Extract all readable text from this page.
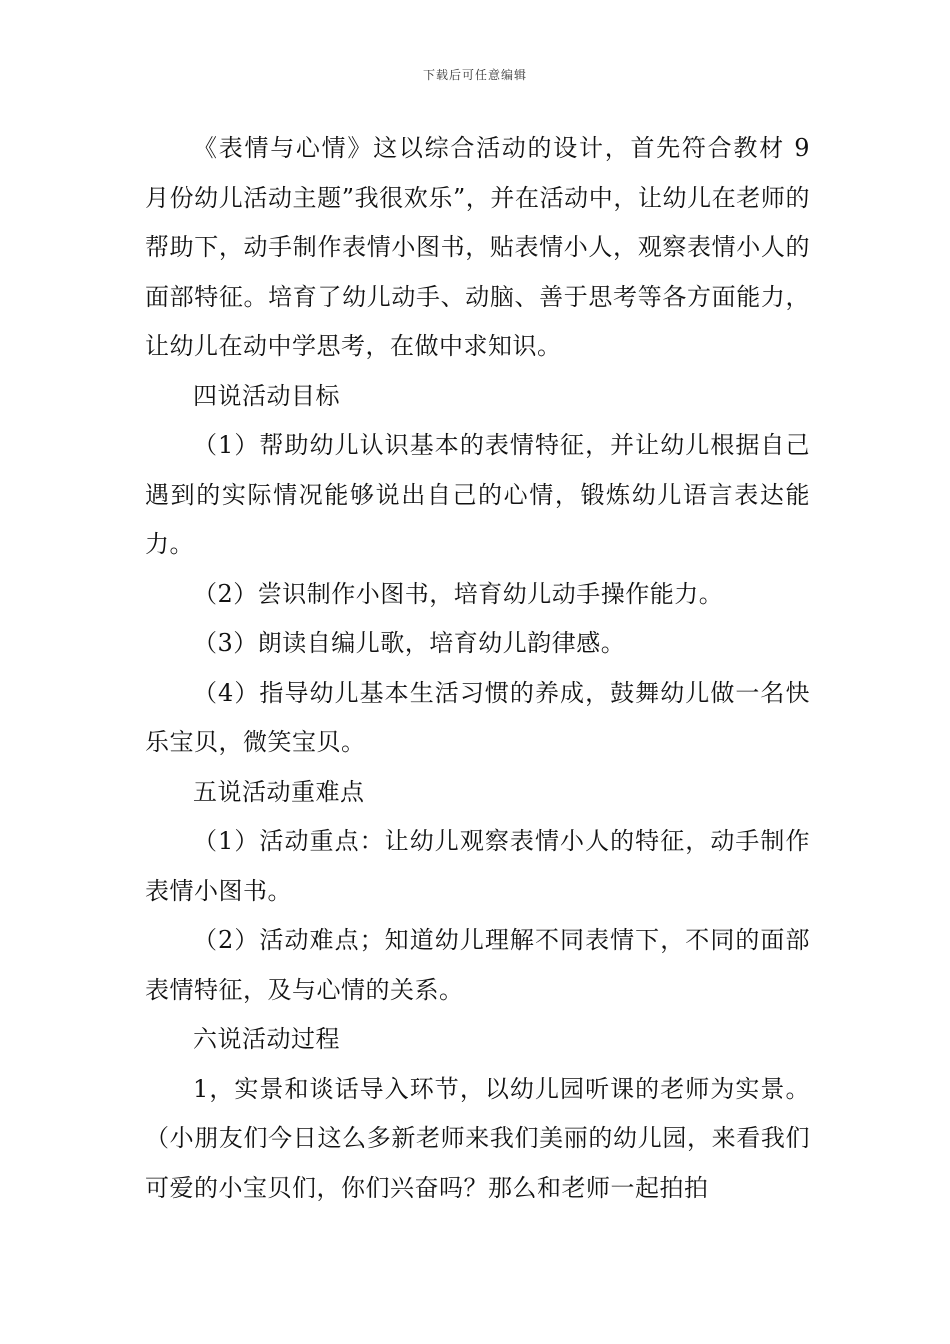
下载后可任意编辑

《表情与心情》这以综合活动的设计，首先符合教材 9 月份幼儿活动主题”我很欢乐”，并在活动中，让幼儿在老师的帮助下，动手制作表情小图书，贴表情小人，观察表情小人的面部特征。培育了幼儿动手、动脑、善于思考等各方面能力，让幼儿在动中学思考，在做中求知识。

四说活动目标

（1）帮助幼儿认识基本的表情特征，并让幼儿根据自己遇到的实际情况能够说出自己的心情，锻炼幼儿语言表达能力。

（2）尝识制作小图书，培育幼儿动手操作能力。

（3）朗读自编儿歌，培育幼儿韵律感。

（4）指导幼儿基本生活习惯的养成，鼓舞幼儿做一名快乐宝贝，微笑宝贝。

五说活动重难点

（1）活动重点：让幼儿观察表情小人的特征，动手制作表情小图书。

（2）活动难点；知道幼儿理解不同表情下，不同的面部表情特征，及与心情的关系。

六说活动过程

1，实景和谈话导入环节，以幼儿园听课的老师为实景。（小朋友们今日这么多新老师来我们美丽的幼儿园，来看我们可爱的小宝贝们，你们兴奋吗？那么和老师一起拍拍
